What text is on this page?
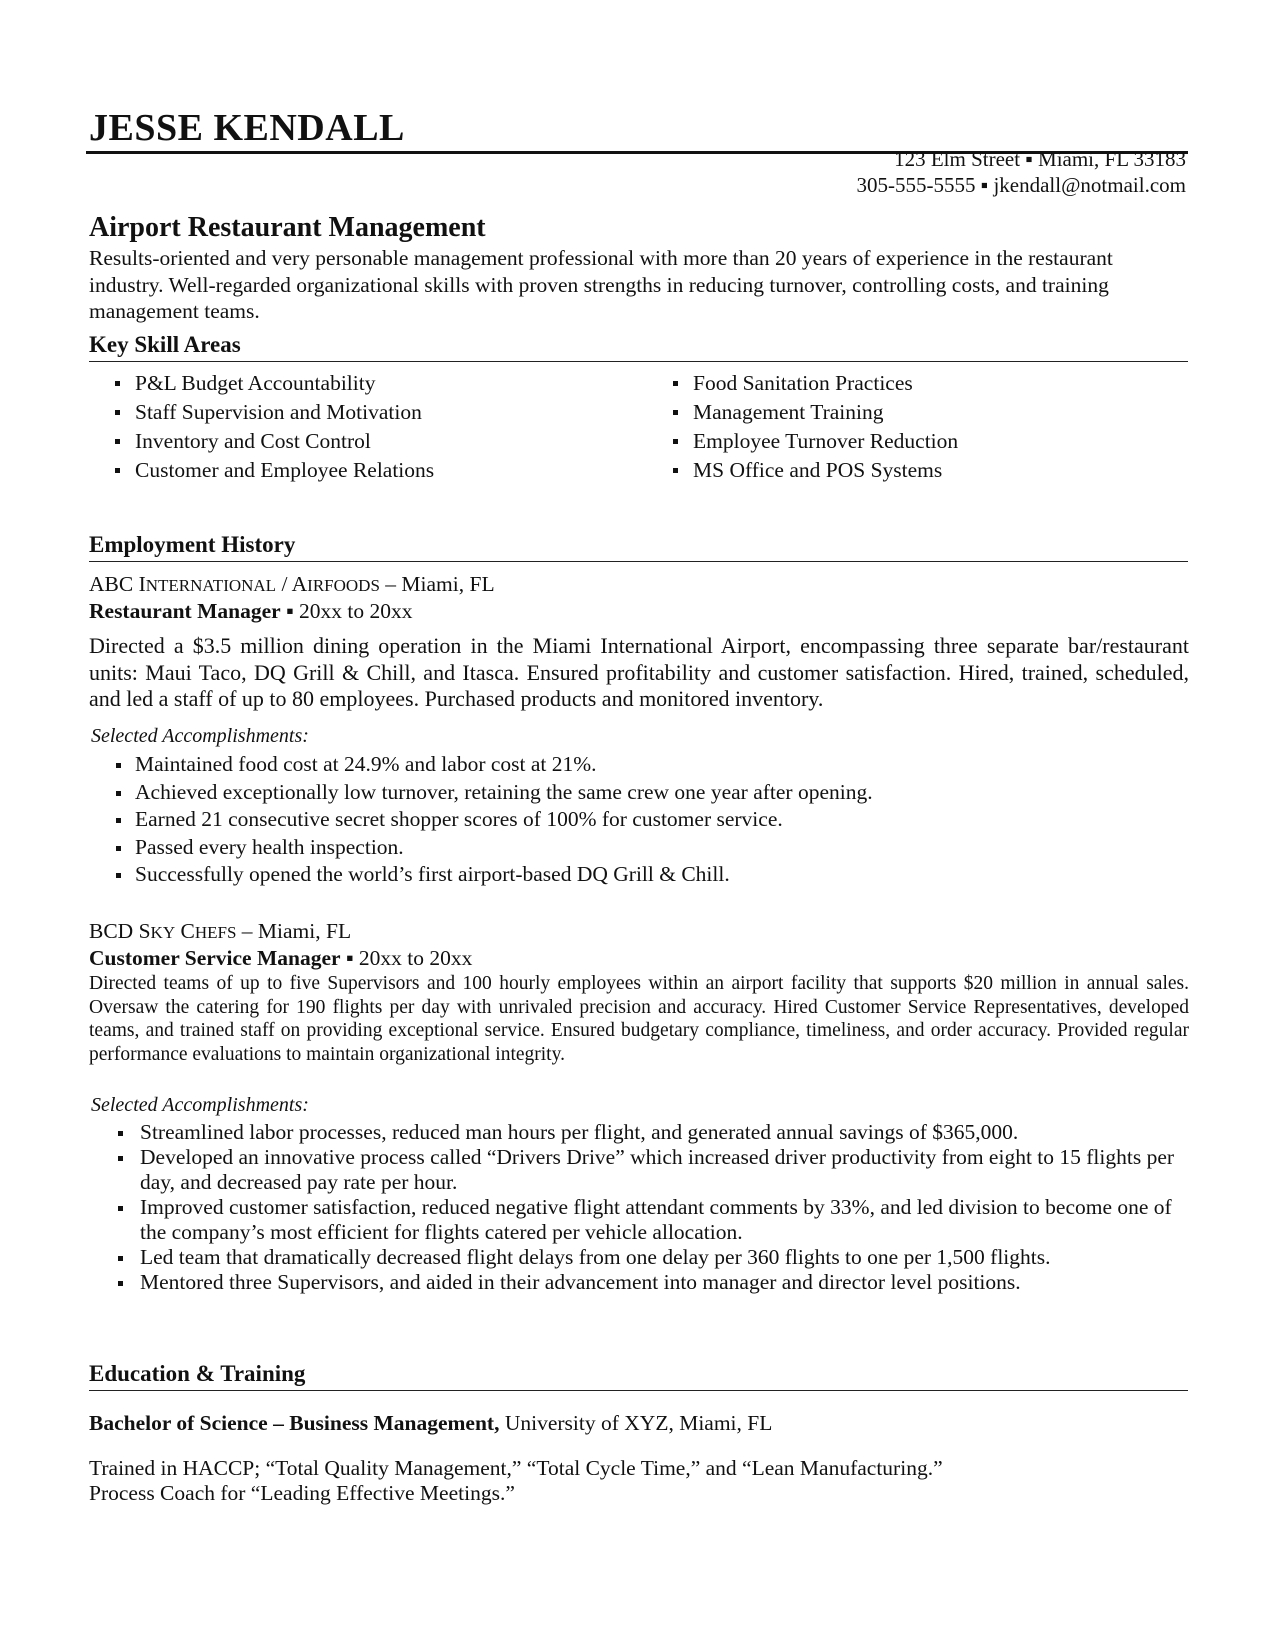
JESSE KENDALL
123 Elm Street ▪ Miami, FL 33183
305-555-5555 ▪ jkendall@notmail.com
Airport Restaurant Management
Results-oriented and very personable management professional with more than 20 years of experience in the restaurant industry. Well-regarded organizational skills with proven strengths in reducing turnover, controlling costs, and training management teams.
Key Skill Areas
P&L Budget Accountability
Staff Supervision and Motivation
Inventory and Cost Control
Customer and Employee Relations
Food Sanitation Practices
Management Training
Employee Turnover Reduction
MS Office and POS Systems
Employment History
ABC INTERNATIONAL / AIRFOODS – Miami, FL
Restaurant Manager ▪ 20xx to 20xx
Directed a $3.5 million dining operation in the Miami International Airport, encompassing three separate bar/restaurant units: Maui Taco, DQ Grill & Chill, and Itasca. Ensured profitability and customer satisfaction. Hired, trained, scheduled, and led a staff of up to 80 employees. Purchased products and monitored inventory.
Selected Accomplishments:
Maintained food cost at 24.9% and labor cost at 21%.
Achieved exceptionally low turnover, retaining the same crew one year after opening.
Earned 21 consecutive secret shopper scores of 100% for customer service.
Passed every health inspection.
Successfully opened the world’s first airport-based DQ Grill & Chill.
BCD SKY CHEFS – Miami, FL
Customer Service Manager ▪ 20xx to 20xx
Directed teams of up to five Supervisors and 100 hourly employees within an airport facility that supports $20 million in annual sales. Oversaw the catering for 190 flights per day with unrivaled precision and accuracy. Hired Customer Service Representatives, developed teams, and trained staff on providing exceptional service. Ensured budgetary compliance, timeliness, and order accuracy. Provided regular performance evaluations to maintain organizational integrity.
Selected Accomplishments:
Streamlined labor processes, reduced man hours per flight, and generated annual savings of $365,000.
Developed an innovative process called “Drivers Drive” which increased driver productivity from eight to 15 flights per day, and decreased pay rate per hour.
Improved customer satisfaction, reduced negative flight attendant comments by 33%, and led division to become one of the company’s most efficient for flights catered per vehicle allocation.
Led team that dramatically decreased flight delays from one delay per 360 flights to one per 1,500 flights.
Mentored three Supervisors, and aided in their advancement into manager and director level positions.
Education & Training
Bachelor of Science – Business Management, University of XYZ, Miami, FL
Trained in HACCP; “Total Quality Management,” “Total Cycle Time,” and “Lean Manufacturing.”
Process Coach for “Leading Effective Meetings.”
